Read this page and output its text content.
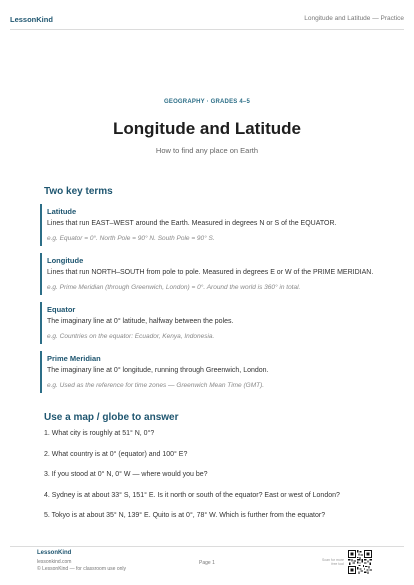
LessonKind	Longitude and Latitude — Practice
GEOGRAPHY · GRADES 4–5
Longitude and Latitude
How to find any place on Earth
Two key terms
Latitude
Lines that run EAST–WEST around the Earth. Measured in degrees N or S of the EQUATOR.
e.g. Equator = 0°. North Pole = 90° N. South Pole = 90° S.
Longitude
Lines that run NORTH–SOUTH from pole to pole. Measured in degrees E or W of the PRIME MERIDIAN.
e.g. Prime Meridian (through Greenwich, London) = 0°. Around the world is 360° in total.
Equator
The imaginary line at 0° latitude, halfway between the poles.
e.g. Countries on the equator: Ecuador, Kenya, Indonesia.
Prime Meridian
The imaginary line at 0° longitude, running through Greenwich, London.
e.g. Used as the reference for time zones — Greenwich Mean Time (GMT).
Use a map / globe to answer
1. What city is roughly at 51° N, 0°?
2. What country is at 0° (equator) and 100° E?
3. If you stood at 0° N, 0° W — where would you be?
4. Sydney is at about 33° S, 151° E. Is it north or south of the equator? East or west of London?
5. Tokyo is at about 35° N, 139° E. Quito is at 0°, 78° W. Which is further from the equator?
LessonKind
lessonkind.com
© LessonKind — for classroom use only
Page 1	Scan for more free tool
